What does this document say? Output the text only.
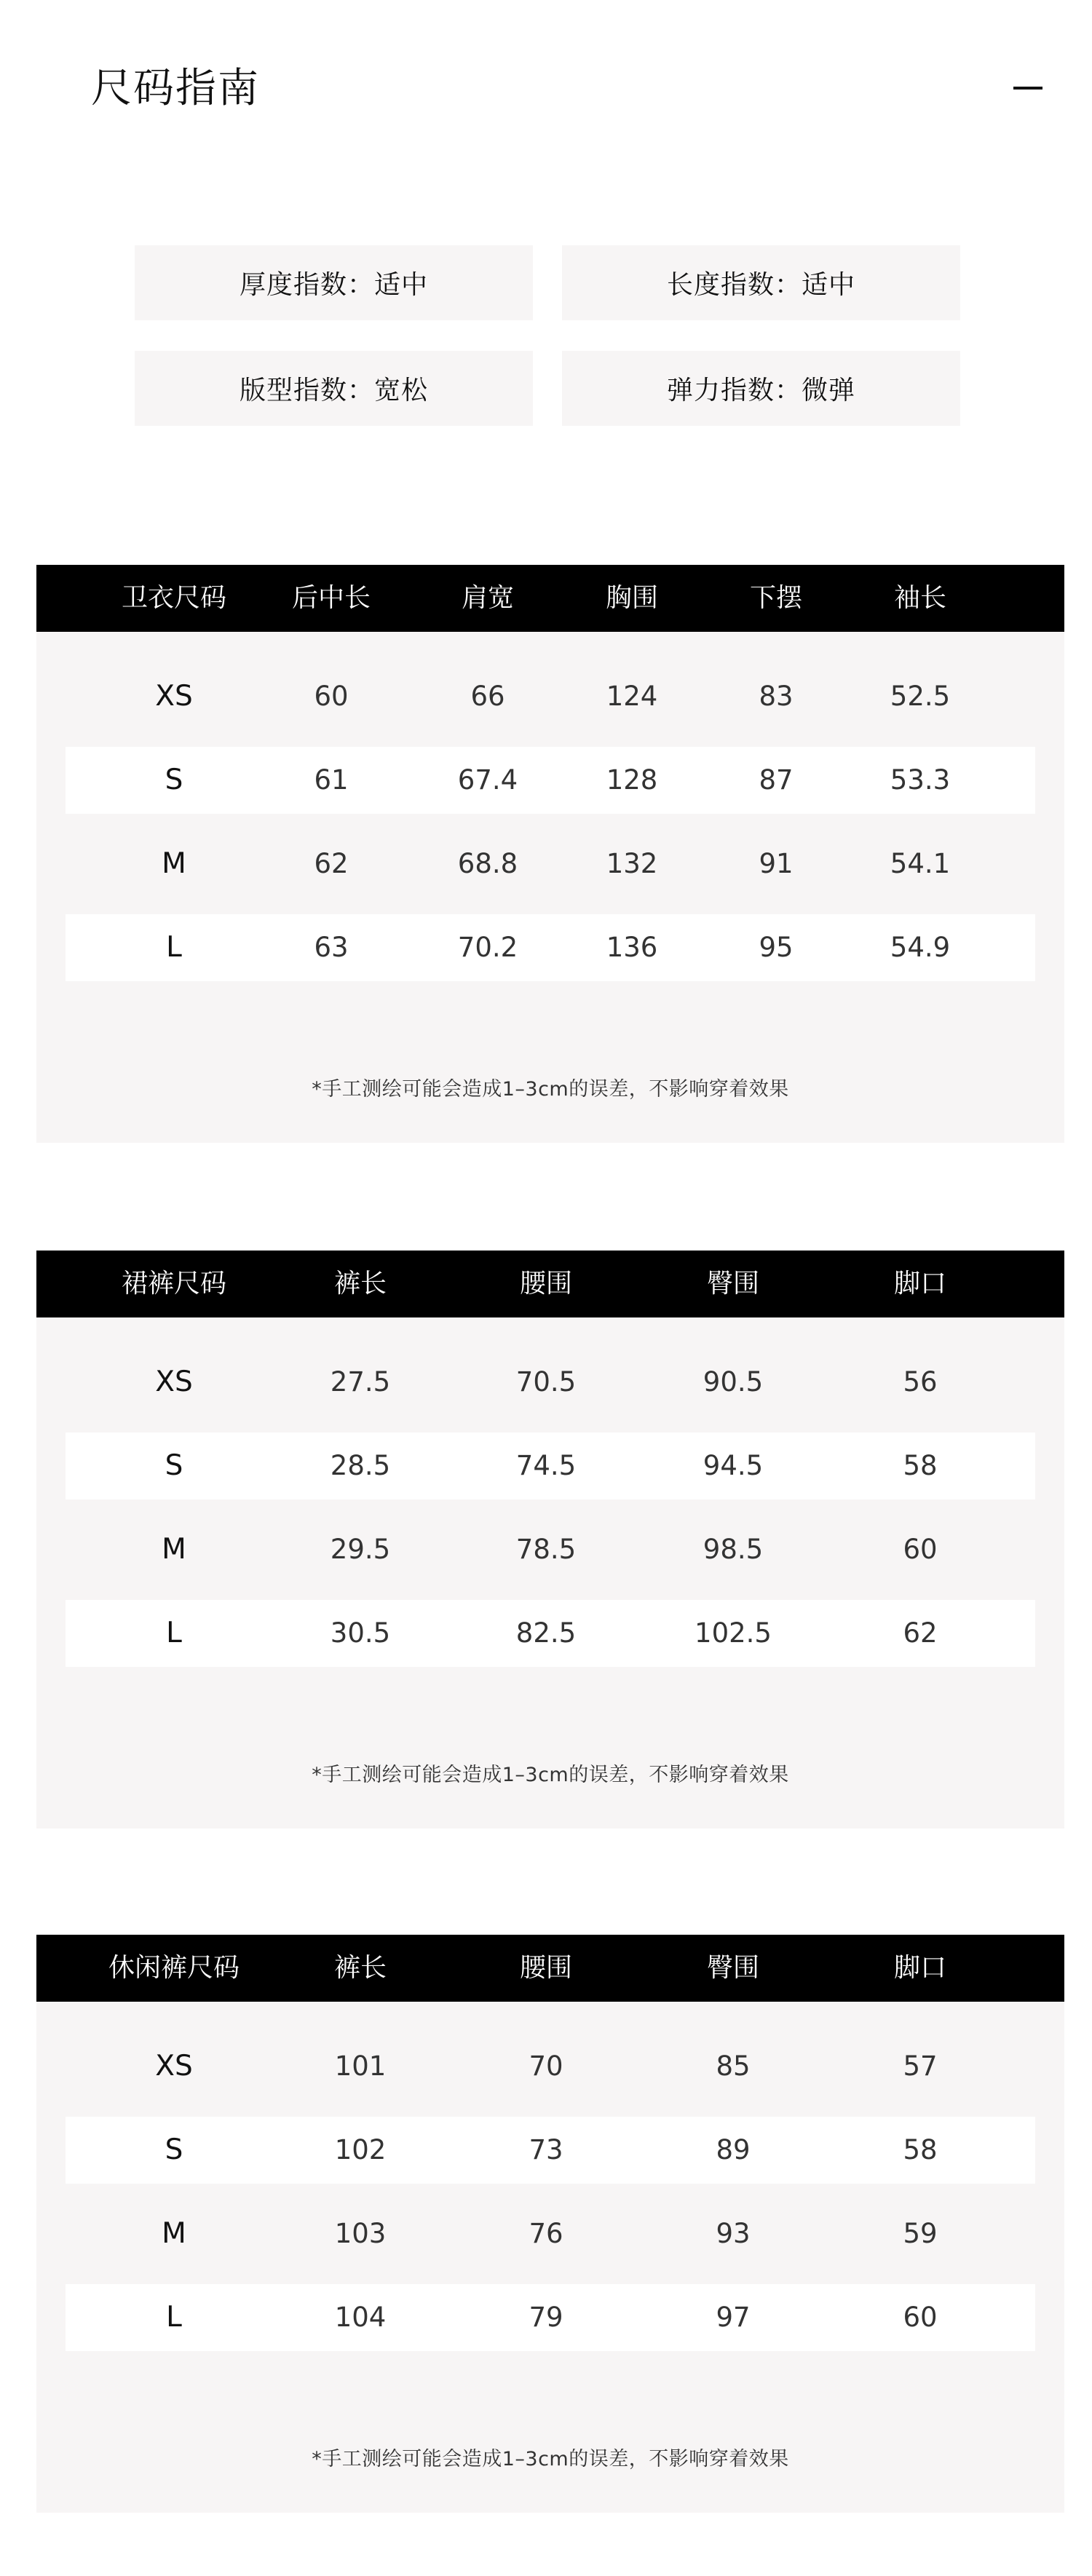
尺码指南
厚度指数：适中	长度指数：适中
版型指数：宽松	弹力指数：微弹
卫衣尺码	后中长	肩宽	胸围	下摆	袖长
XS	60	66	124	83	52.5
S	61	67.4	128	87	53.3
M	62	68.8	132	91	54.1
L	63	70.2	136	95	54.9
*手工测绘可能会造成1–3cm的误差，不影响穿着效果
裙裤尺码	裤长	腰围	臀围	脚口
XS	27.5	70.5	90.5	56
S	28.5	74.5	94.5	58
M	29.5	78.5	98.5	60
L	30.5	82.5	102.5	62
*手工测绘可能会造成1–3cm的误差，不影响穿着效果
休闲裤尺码	裤长	腰围	臀围	脚口
XS	101	70	85	57
S	102	73	89	58
M	103	76	93	59
L	104	79	97	60
*手工测绘可能会造成1–3cm的误差，不影响穿着效果
